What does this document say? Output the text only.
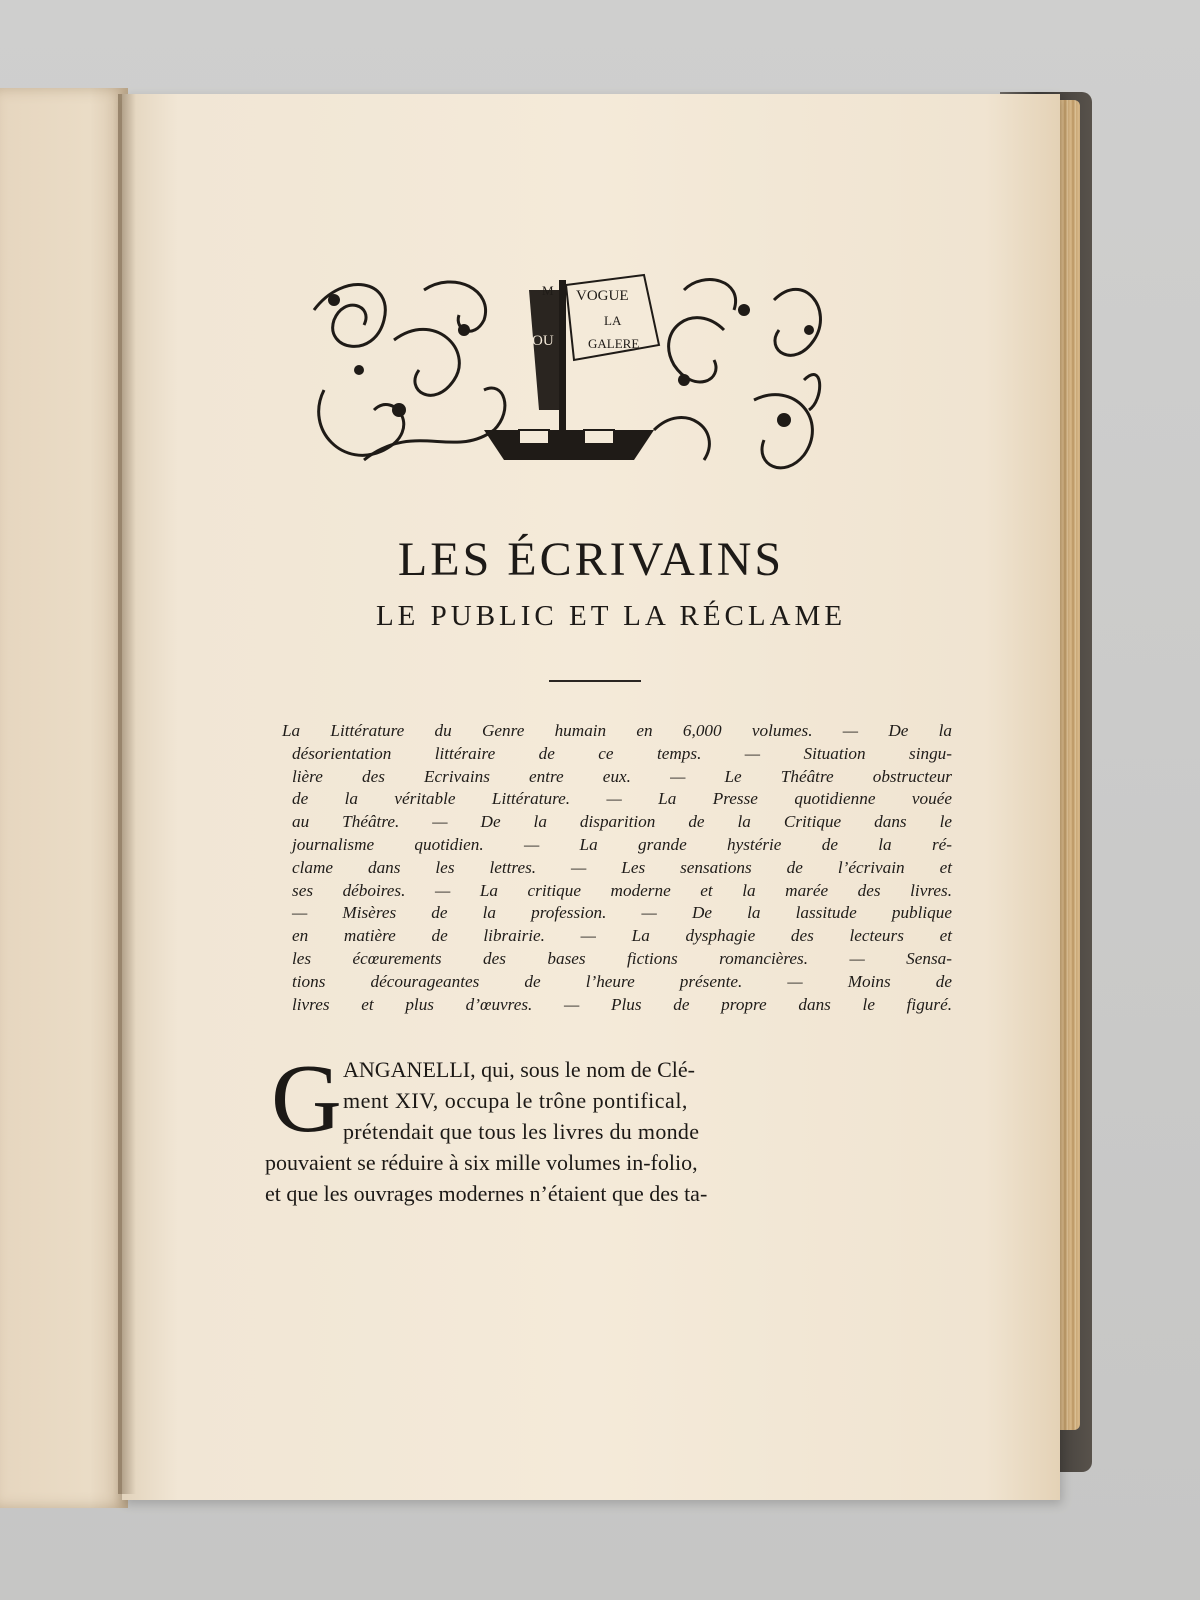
M VOGUE
LA
GALERE
OU
LES ÉCRIVAINS
LE PUBLIC ET LA RÉCLAME
La Littérature du Genre humain en 6,000 volumes. — De la
désorientation littéraire de ce temps. — Situation singu-
lière des Ecrivains entre eux. — Le Théâtre obstructeur
de la véritable Littérature. — La Presse quotidienne vouée
au Théâtre. — De la disparition de la Critique dans le
journalisme quotidien. — La grande hystérie de la ré-
clame dans les lettres. — Les sensations de l’écrivain et
ses déboires. — La critique moderne et la marée des livres.
— Misères de la profession. — De la lassitude publique
en matière de librairie. — La dysphagie des lecteurs et
les écœurements des bases fictions romancières. — Sensa-
tions décourageantes de l’heure présente. — Moins de
livres et plus d’œuvres. — Plus de propre dans le figuré.
G ANGANELLI, qui, sous le nom de Clé-
ment XIV, occupa le trône pontifical,
prétendait que tous les livres du monde
pouvaient se réduire à six mille volumes in-folio,
et que les ouvrages modernes n’étaient que des ta-
